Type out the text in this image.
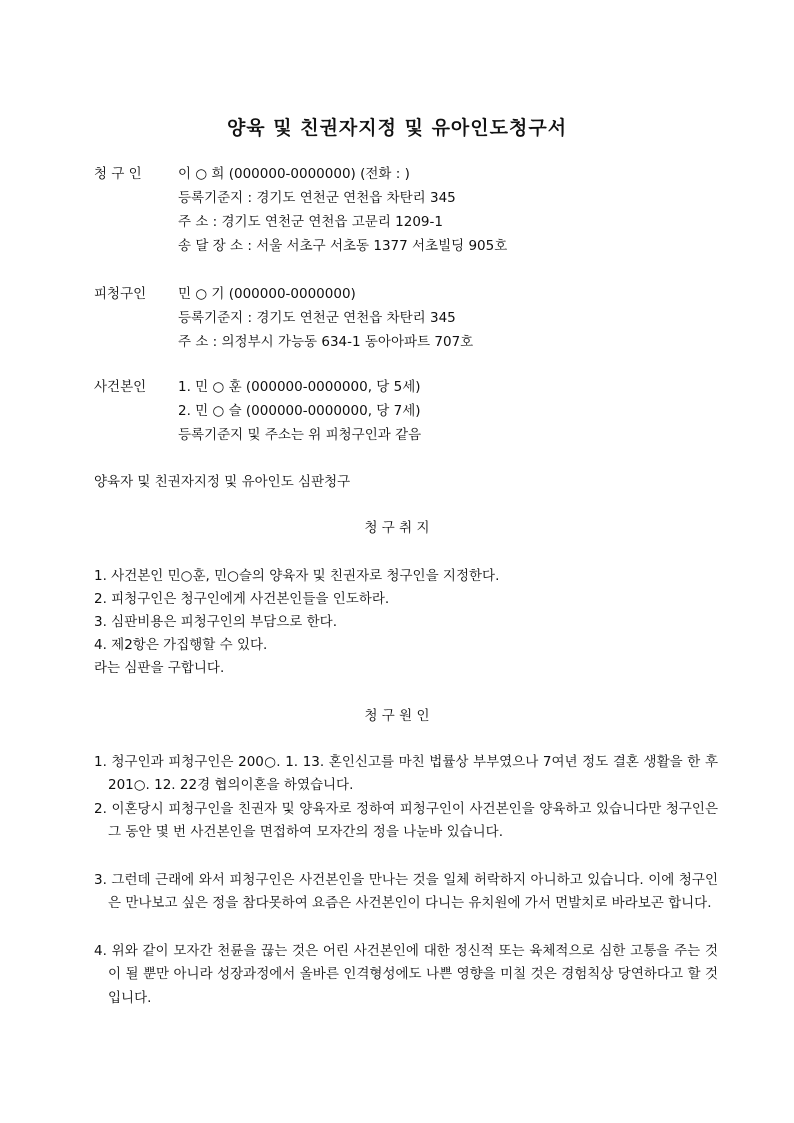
양육 및 친권자지정 및 유아인도청구서
청 구 인	이 ○ 희 (000000-0000000) (전화 : )
등록기준지 : 경기도 연천군 연천읍 차탄리 345
주 소 : 경기도 연천군 연천읍 고문리 1209-1
송 달 장 소 : 서울 서초구 서초동 1377 서초빌딩 905호
피청구인 민 ○ 기 (000000-0000000)
등록기준지 : 경기도 연천군 연천읍 차탄리 345
주 소 : 의정부시 가능동 634-1 동아아파트 707호
사건본인 1. 민 ○ 훈 (000000-0000000, 당 5세)
2. 민 ○ 슬 (000000-0000000, 당 7세)
등록기준지 및 주소는 위 피청구인과 같음
양육자 및 친권자지정 및 유아인도 심판청구
청 구 취 지
1. 사건본인 민○훈, 민○슬의 양육자 및 친권자로 청구인을 지정한다.
2. 피청구인은 청구인에게 사건본인들을 인도하라.
3. 심판비용은 피청구인의 부담으로 한다.
4. 제2항은 가집행할 수 있다.
라는 심판을 구합니다.
청 구 원 인
1. 청구인과 피청구인은 200○. 1. 13. 혼인신고를 마친 법률상 부부였으나 7여년 정도 결혼 생활을 한 후 201○. 12. 22경 협의이혼을 하였습니다.
2. 이혼당시 피청구인을 친권자 및 양육자로 정하여 피청구인이 사건본인을 양육하고 있습니다만 청구인은 그 동안 몇 번 사건본인을 면접하여 모자간의 정을 나눈바 있습니다.
3. 그런데 근래에 와서 피청구인은 사건본인을 만나는 것을 일체 허락하지 아니하고 있습니다. 이에 청구인은 만나보고 싶은 정을 참다못하여 요즘은 사건본인이 다니는 유치원에 가서 먼발치로 바라보곤 합니다.
4. 위와 같이 모자간 천륜을 끊는 것은 어린 사건본인에 대한 정신적 또는 육체적으로 심한 고통을 주는 것이 될 뿐만 아니라 성장과정에서 올바른 인격형성에도 나쁜 영향을 미칠 것은 경험칙상 당연하다고 할 것입니다.
